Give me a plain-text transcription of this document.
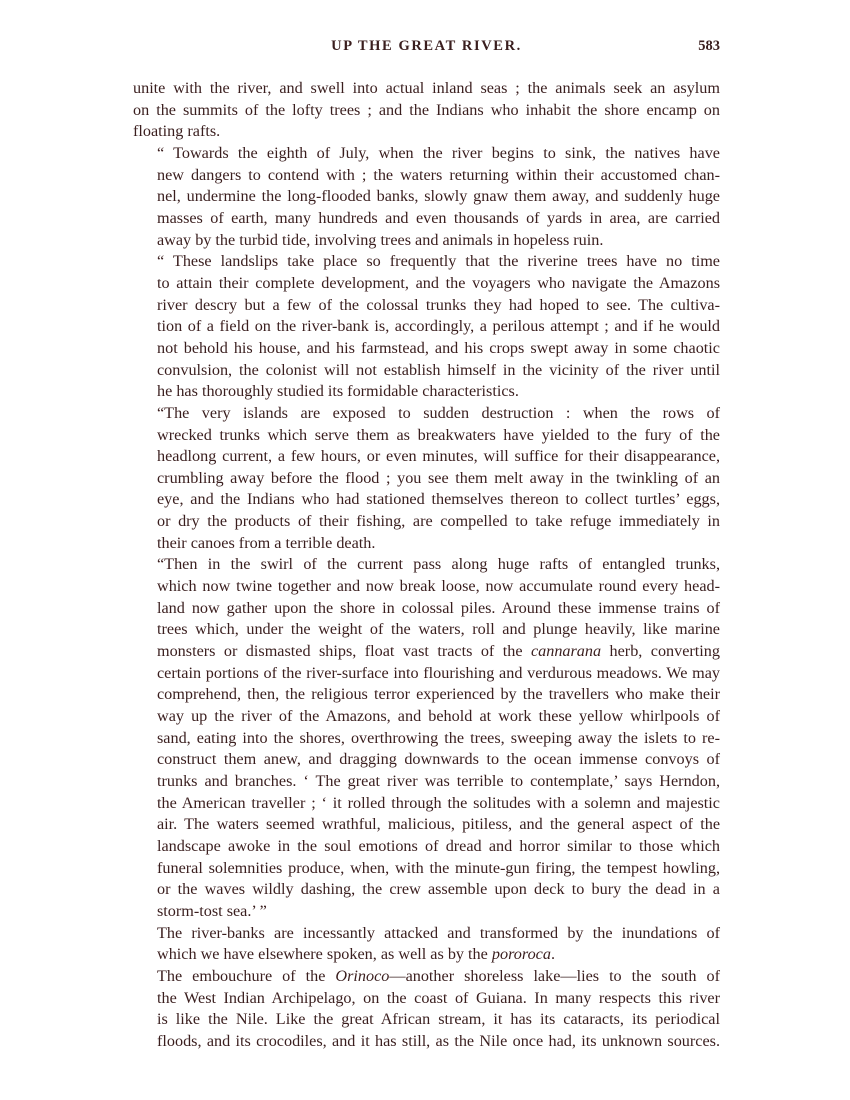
UP THE GREAT RIVER.	583

unite with the river, and swell into actual inland seas ; the animals seek an asylum
on the summits of the lofty trees ; and the Indians who inhabit the shore encamp on
floating rafts.

“ Towards the eighth of July, when the river begins to sink, the natives have
new dangers to contend with ; the waters returning within their accustomed chan-
nel, undermine the long-flooded banks, slowly gnaw them away, and suddenly huge
masses of earth, many hundreds and even thousands of yards in area, are carried
away by the turbid tide, involving trees and animals in hopeless ruin.

“ These landslips take place so frequently that the riverine trees have no time
to attain their complete development, and the voyagers who navigate the Amazons
river descry but a few of the colossal trunks they had hoped to see. The cultiva-
tion of a field on the river-bank is, accordingly, a perilous attempt ; and if he would
not behold his house, and his farmstead, and his crops swept away in some chaotic
convulsion, the colonist will not establish himself in the vicinity of the river until
he has thoroughly studied its formidable characteristics.

“The very islands are exposed to sudden destruction : when the rows of
wrecked trunks which serve them as breakwaters have yielded to the fury of the
headlong current, a few hours, or even minutes, will suffice for their disappearance,
crumbling away before the flood ; you see them melt away in the twinkling of an
eye, and the Indians who had stationed themselves thereon to collect turtles’ eggs,
or dry the products of their fishing, are compelled to take refuge immediately in
their canoes from a terrible death.

“Then in the swirl of the current pass along huge rafts of entangled trunks,
which now twine together and now break loose, now accumulate round every head-
land now gather upon the shore in colossal piles. Around these immense trains of
trees which, under the weight of the waters, roll and plunge heavily, like marine
monsters or dismasted ships, float vast tracts of the cannarana herb, converting
certain portions of the river-surface into flourishing and verdurous meadows. We may
comprehend, then, the religious terror experienced by the travellers who make their
way up the river of the Amazons, and behold at work these yellow whirlpools of
sand, eating into the shores, overthrowing the trees, sweeping away the islets to re-
construct them anew, and dragging downwards to the ocean immense convoys of
trunks and branches. ‘ The great river was terrible to contemplate,’ says Herndon,
the American traveller ; ‘ it rolled through the solitudes with a solemn and majestic
air. The waters seemed wrathful, malicious, pitiless, and the general aspect of the
landscape awoke in the soul emotions of dread and horror similar to those which
funeral solemnities produce, when, with the minute-gun firing, the tempest howling,
or the waves wildly dashing, the crew assemble upon deck to bury the dead in a
storm-tost sea.’ ”

The river-banks are incessantly attacked and transformed by the inundations of
which we have elsewhere spoken, as well as by the pororoca.

The embouchure of the Orinoco—another shoreless lake—lies to the south of
the West Indian Archipelago, on the coast of Guiana. In many respects this river
is like the Nile. Like the great African stream, it has its cataracts, its periodical
floods, and its crocodiles, and it has still, as the Nile once had, its unknown sources.
